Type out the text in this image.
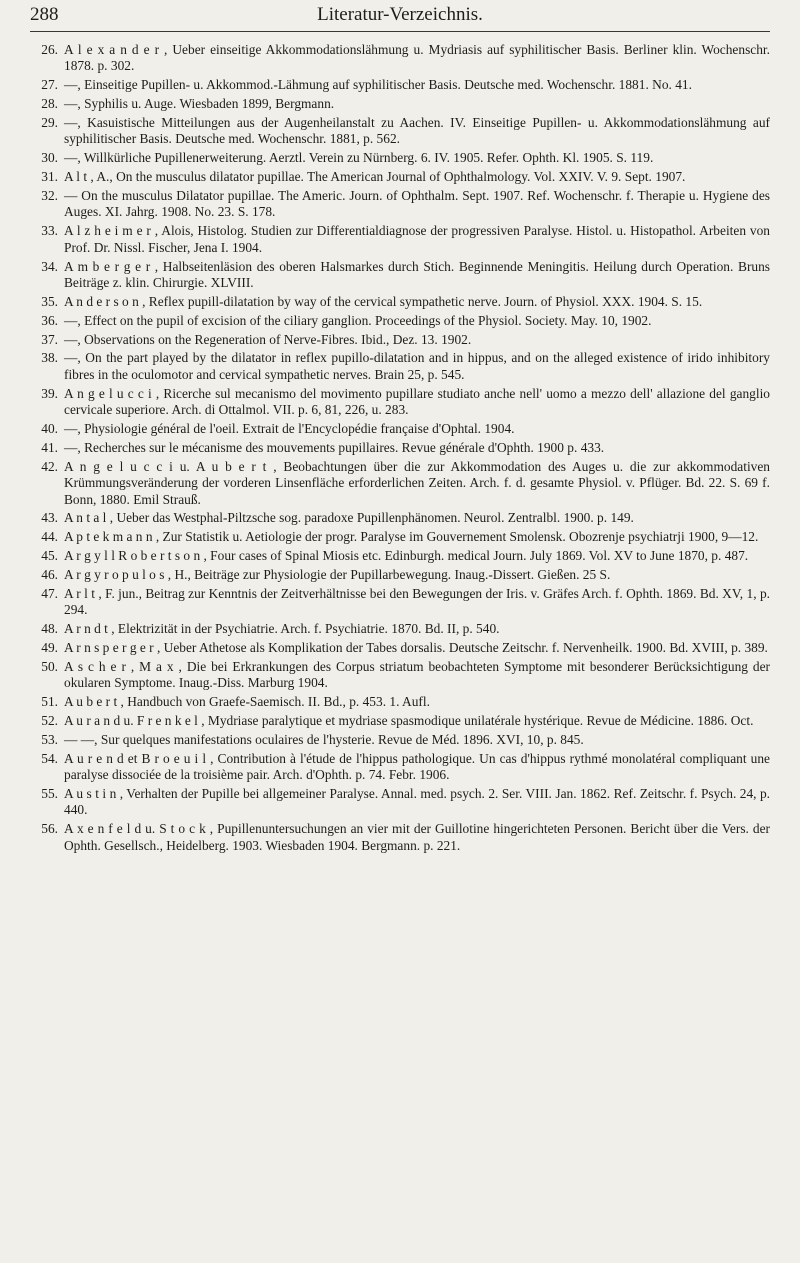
288	Literatur-Verzeichnis.
26. A l e x a n d e r , Ueber einseitige Akkommodationslähmung u. Mydriasis auf syphilitischer Basis. Berliner klin. Wochenschr. 1878. p. 302.
27. —, Einseitige Pupillen- u. Akkommod.-Lähmung auf syphilitischer Basis. Deutsche med. Wochenschr. 1881. No. 41.
28. —, Syphilis u. Auge. Wiesbaden 1899, Bergmann.
29. —, Kasuistische Mitteilungen aus der Augenheilanstalt zu Aachen. IV. Einseitige Pupillen- u. Akkommodationslähmung auf syphilitischer Basis. Deutsche med. Wochenschr. 1881, p. 562.
30. —, Willkürliche Pupillenerweiterung. Aerztl. Verein zu Nürnberg. 6. IV. 1905. Refer. Ophth. Kl. 1905. S. 119.
31. A l t , A., On the musculus dilatator pupillae. The American Journal of Ophthalmology. Vol. XXIV. V. 9. Sept. 1907.
32. — On the musculus Dilatator pupillae. The Americ. Journ. of Ophthalm. Sept. 1907. Ref. Wochenschr. f. Therapie u. Hygiene des Auges. XI. Jahrg. 1908. No. 23. S. 178.
33. A l z h e i m e r , Alois, Histolog. Studien zur Differentialdiagnose der progressiven Paralyse. Histol. u. Histopathol. Arbeiten von Prof. Dr. Nissl. Fischer, Jena I. 1904.
34. A m b e r g e r , Halbseitenläsion des oberen Halsmarkes durch Stich. Beginnende Meningitis. Heilung durch Operation. Bruns Beiträge z. klin. Chirurgie. XLVIII.
35. A n d e r s o n , Reflex pupill-dilatation by way of the cervical sympathetic nerve. Journ. of Physiol. XXX. 1904. S. 15.
36. —, Effect on the pupil of excision of the ciliary ganglion. Proceedings of the Physiol. Society. May. 10, 1902.
37. —, Observations on the Regeneration of Nerve-Fibres. Ibid., Dez. 13. 1902.
38. —, On the part played by the dilatator in reflex pupillo-dilatation and in hippus, and on the alleged existence of irido inhibitory fibres in the oculomotor and cervical sympathetic nerves. Brain 25, p. 545.
39. A n g e l u c c i , Ricerche sul mecanismo del movimento pupillare studiato anche nell' uomo a mezzo dell' allazione del ganglio cervicale superiore. Arch. di Ottalmol. VII. p. 6, 81, 226, u. 283.
40. —, Physiologie général de l'oeil. Extrait de l'Encyclopédie française d'Ophtal. 1904.
41. —, Recherches sur le mécanisme des mouvements pupillaires. Revue générale d'Ophth. 1900 p. 433.
42. A n g e l u c c i u. A u b e r t , Beobachtungen über die zur Akkommodation des Auges u. die zur akkommodativen Krümmungsveränderung der vorderen Linsenfläche erforderlichen Zeiten. Arch. f. d. gesamte Physiol. v. Pflüger. Bd. 22. S. 69 f. Bonn, 1880. Emil Strauß.
43. A n t a l , Ueber das Westphal-Piltzsche sog. paradoxe Pupillenphänomen. Neurol. Zentralbl. 1900. p. 149.
44. A p t e k m a n n , Zur Statistik u. Aetiologie der progr. Paralyse im Gouvernement Smolensk. Obozrenje psychiatrji 1900, 9—12.
45. A r g y l l R o b e r t s o n , Four cases of Spinal Miosis etc. Edinburgh. medical Journ. July 1869. Vol. XV to June 1870, p. 487.
46. A r g y r o p u l o s , H., Beiträge zur Physiologie der Pupillarbewegung. Inaug.-Dissert. Gießen. 25 S.
47. A r l t , F. jun., Beitrag zur Kenntnis der Zeitverhältnisse bei den Bewegungen der Iris. v. Gräfes Arch. f. Ophth. 1869. Bd. XV, 1, p. 294.
48. A r n d t , Elektrizität in der Psychiatrie. Arch. f. Psychiatrie. 1870. Bd. II, p. 540.
49. A r n s p e r g e r , Ueber Athetose als Komplikation der Tabes dorsalis. Deutsche Zeitschr. f. Nervenheilk. 1900. Bd. XVIII, p. 389.
50. A s c h e r , M a x , Die bei Erkrankungen des Corpus striatum beobachteten Symptome mit besonderer Berücksichtigung der okularen Symptome. Inaug.-Diss. Marburg 1904.
51. A u b e r t , Handbuch von Graefe-Saemisch. II. Bd., p. 453. 1. Aufl.
52. A u r a n d u. F r e n k e l , Mydriase paralytique et mydriase spasmodique unilatérale hystérique. Revue de Médicine. 1886. Oct.
53. — —, Sur quelques manifestations oculaires de l'hysterie. Revue de Méd. 1896. XVI, 10, p. 845.
54. A u r e n d et B r o e u i l , Contribution à l'étude de l'hippus pathologique. Un cas d'hippus rythmé monolatéral compliquant une paralyse dissociée de la troisième pair. Arch. d'Ophth. p. 74. Febr. 1906.
55. A u s t i n , Verhalten der Pupille bei allgemeiner Paralyse. Annal. med. psych. 2. Ser. VIII. Jan. 1862. Ref. Zeitschr. f. Psych. 24, p. 440.
56. A x e n f e l d u. S t o c k , Pupillenuntersuchungen an vier mit der Guillotine hingerichteten Personen. Bericht über die Vers. der Ophth. Gesellsch., Heidelberg. 1903. Wiesbaden 1904. Bergmann. p. 221.
